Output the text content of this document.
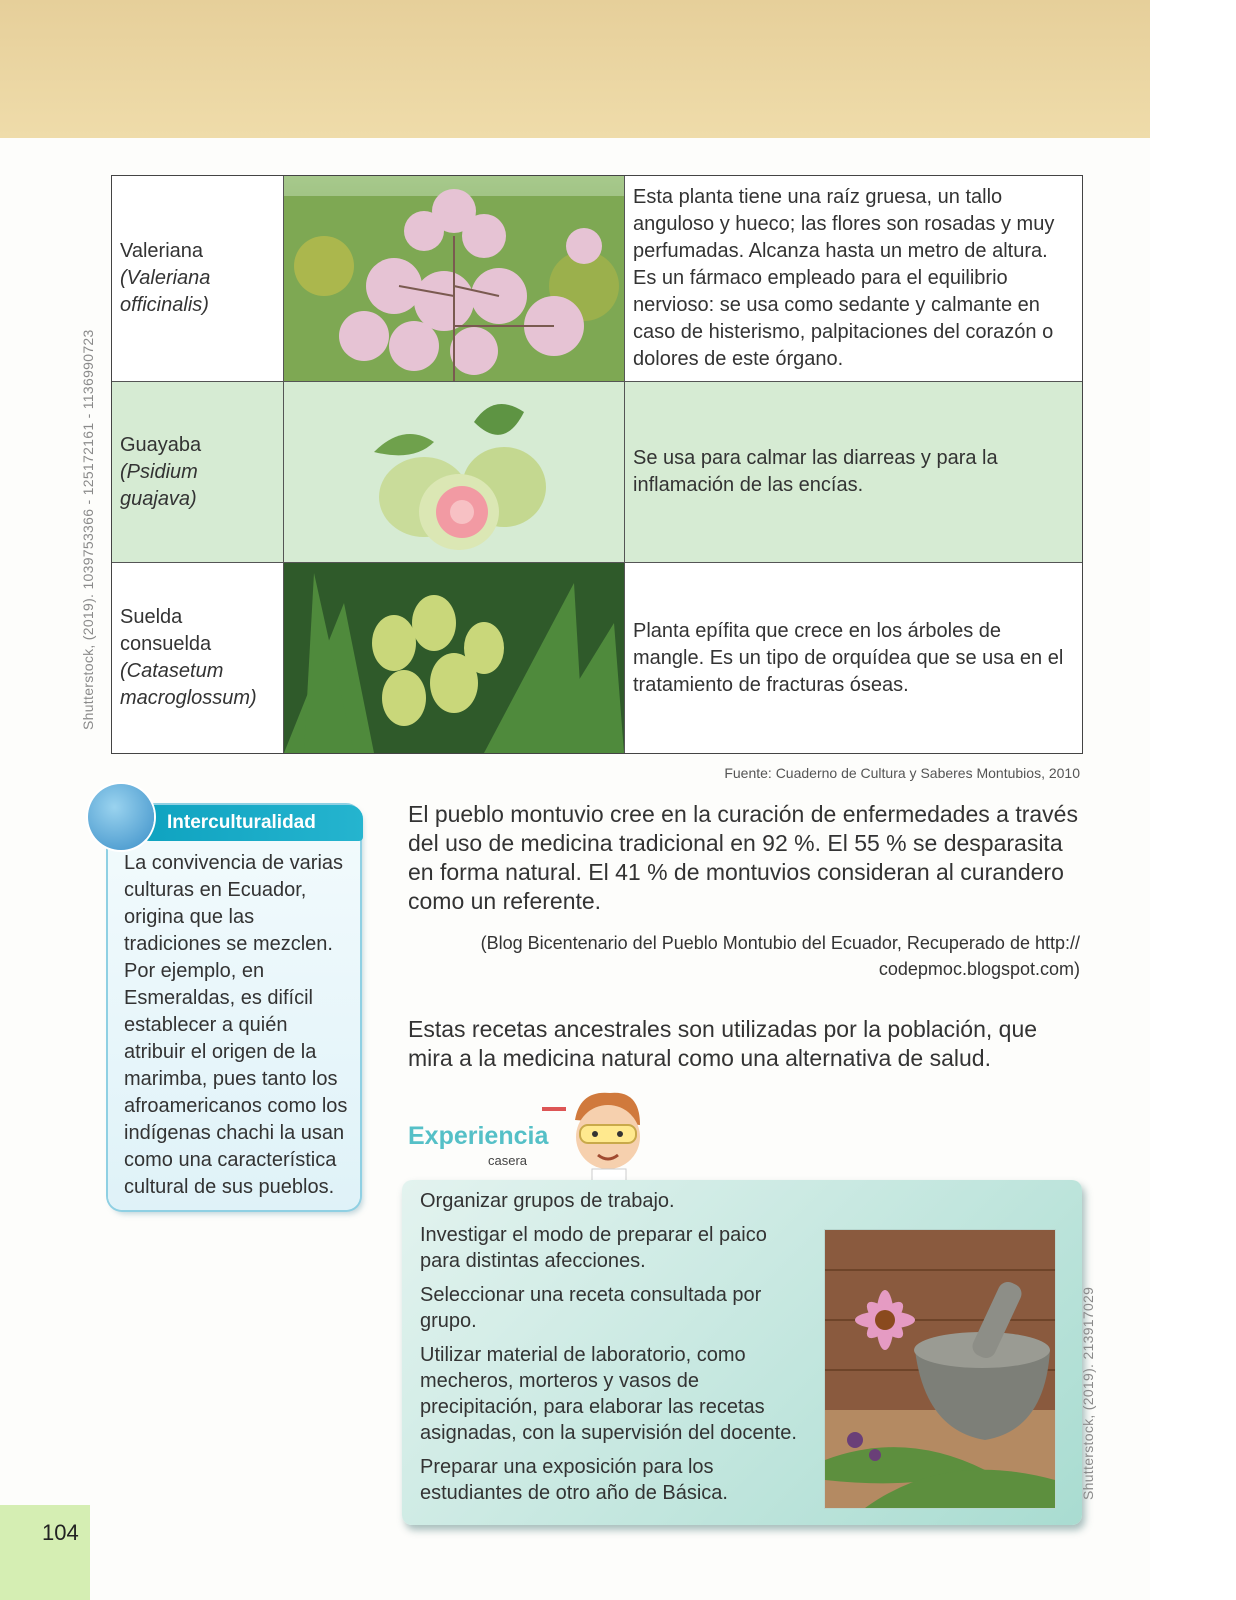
Shutterstock, (2019). 1039753366 - 125172161 - 1136990723
Valeriana
(Valeriana officinalis)
Esta planta tiene una raíz gruesa, un tallo anguloso y hueco; las flores son rosadas y muy perfumadas. Alcanza hasta un metro de altura. Es un fármaco empleado para el equilibrio nervioso: se usa como sedante y calmante en caso de histerismo, palpitaciones del corazón o dolores de este órgano.
Guayaba
(Psidium guajava)
Se usa para calmar las diarreas y para la inflamación de las encías.
Suelda consuelda
(Catasetum macroglossum)
Planta epífita que crece en los árboles de mangle. Es un tipo de orquídea que se usa en el tratamiento de fracturas óseas.
Fuente: Cuaderno de Cultura y Saberes Montubios, 2010
Interculturalidad

La convivencia de varias culturas en Ecuador, origina que las tradiciones se mezclen. Por ejemplo, en Esmeraldas, es difícil establecer a quién atribuir el origen de la marimba, pues tanto los afroamericanos como los indígenas chachi la usan como una característica cultural de sus pueblos.

El pueblo montuvio cree en la curación de enfermedades a través del uso de medicina tradicional en 92 %. El 55 % se desparasita en forma natural. El 41 % de montuvios consideran al curandero como un referente.

(Blog Bicentenario del Pueblo Montubio del Ecuador, Recuperado de http://
codepmoc.blogspot.com)

Estas recetas ancestrales son utilizadas por la población, que mira a la medicina natural como una alternativa de salud.

Experiencia
casera

Organizar grupos de trabajo.

Investigar el modo de preparar el paico para distintas afecciones.

Seleccionar una receta consultada por grupo.

Utilizar material de laboratorio, como mecheros, morteros y vasos de precipitación, para elaborar las recetas asignadas, con la supervisión del docente.

Preparar una exposición para los estudiantes de otro año de Básica.	Shutterstock, (2019). 213917029
104
